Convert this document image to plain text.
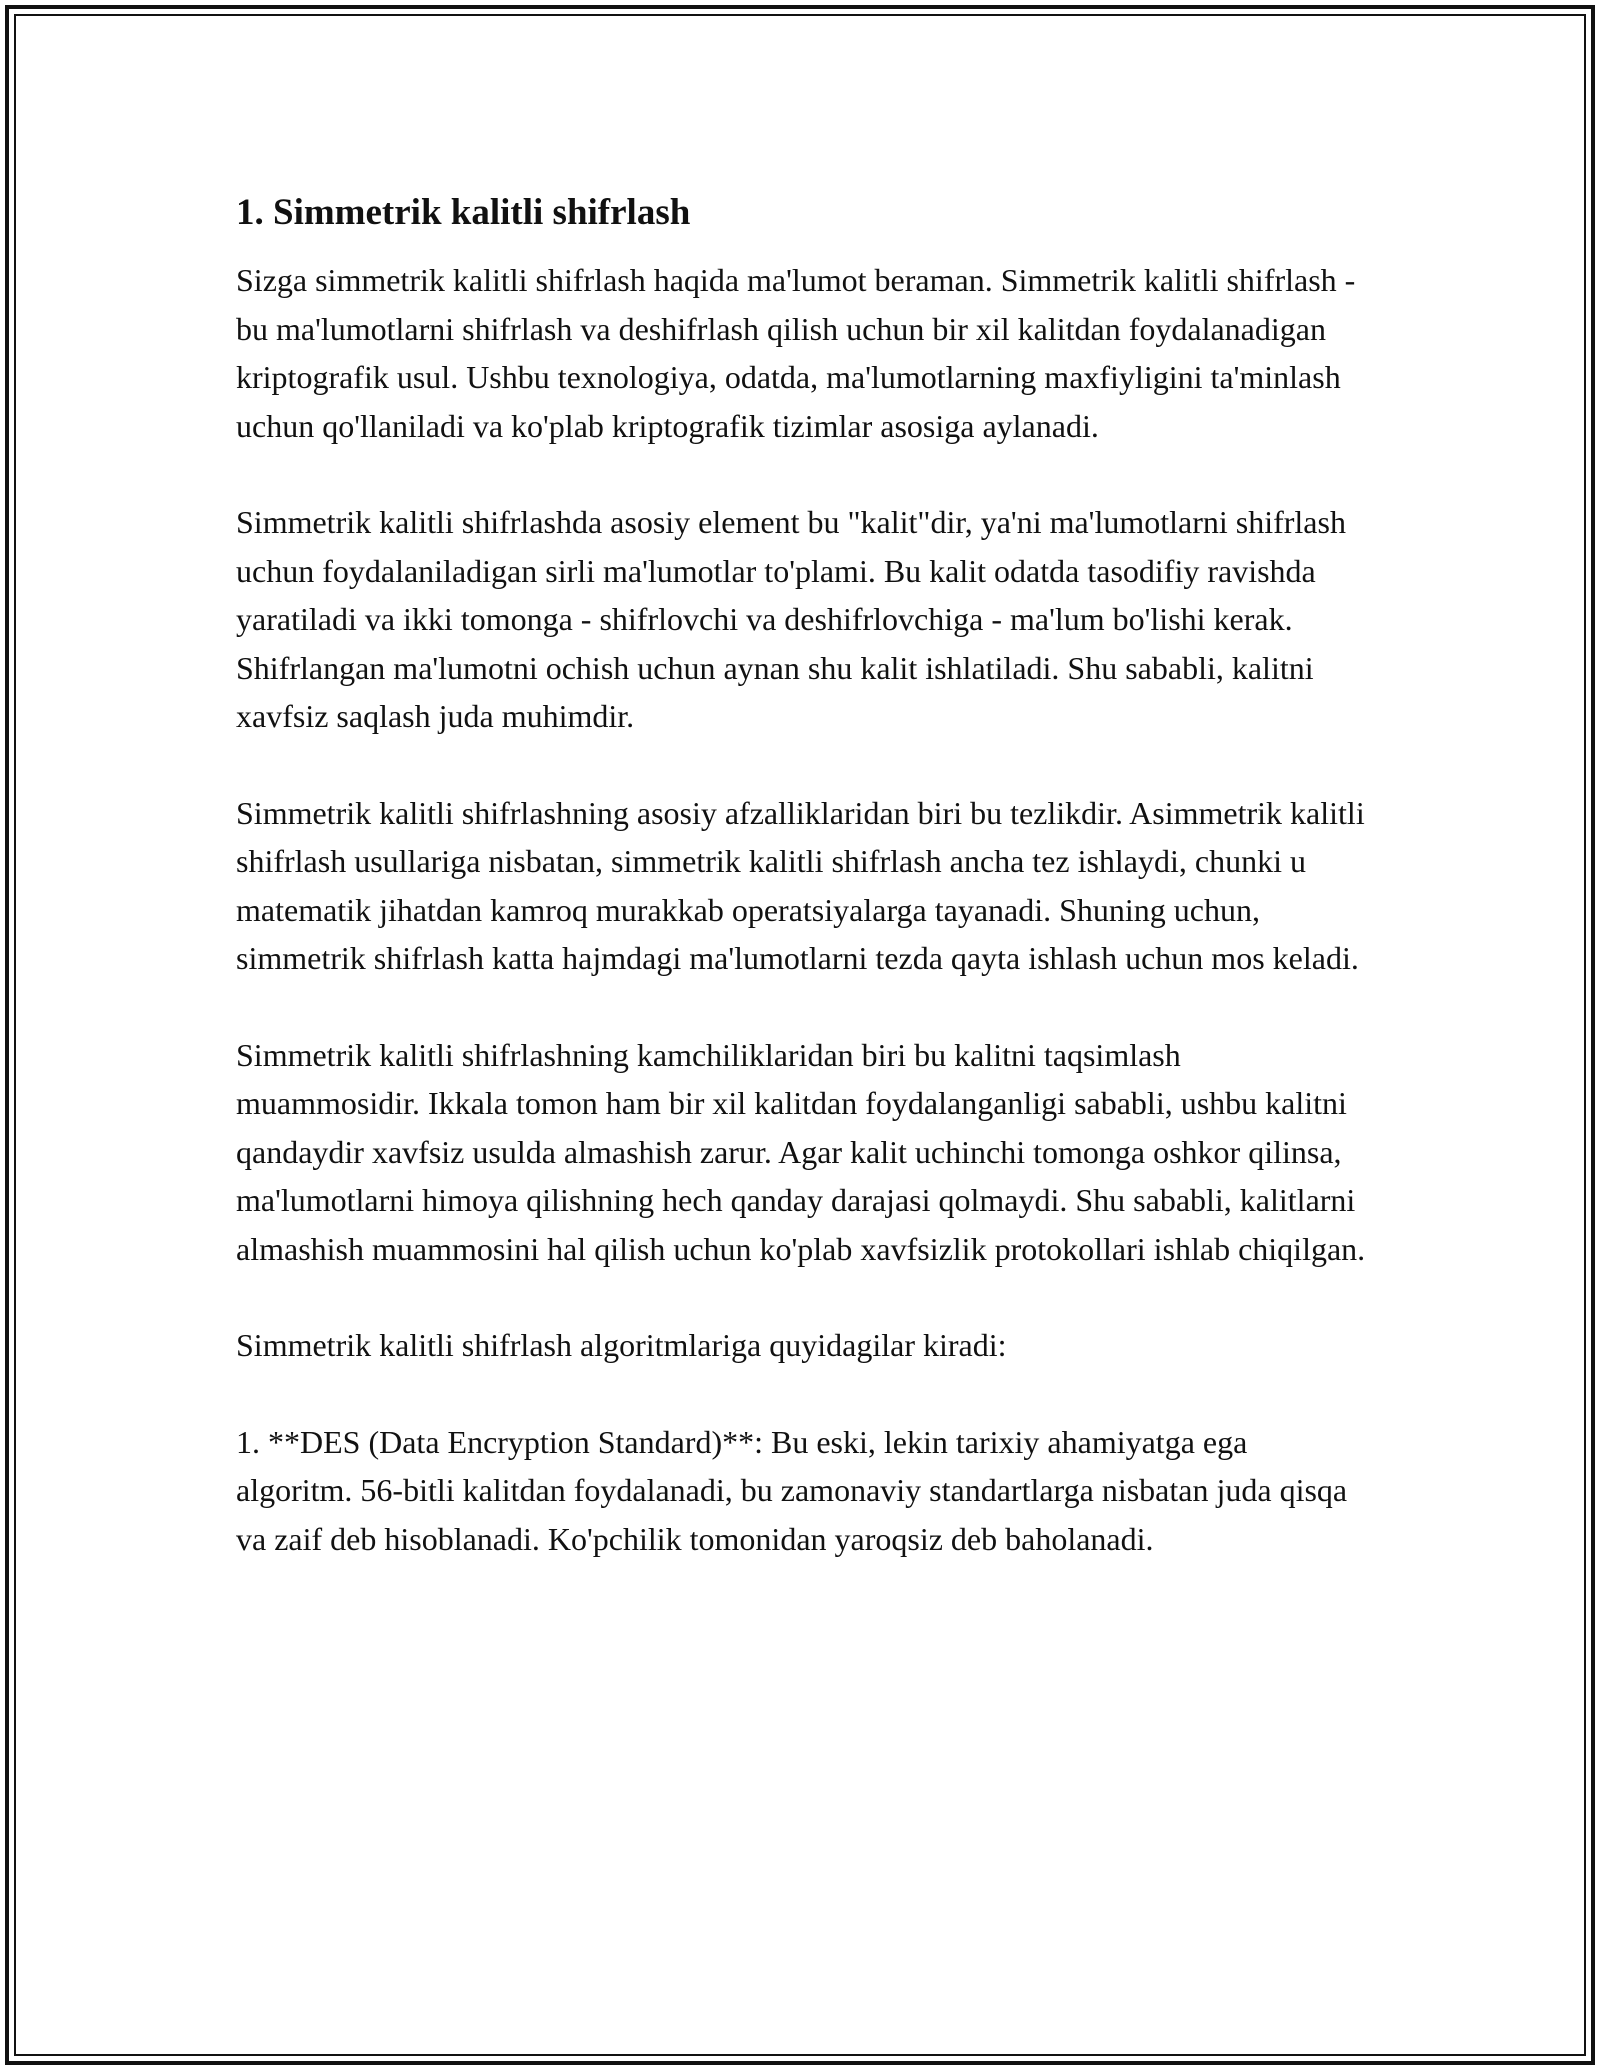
1. Simmetrik kalitli shifrlash

Sizga simmetrik kalitli shifrlash haqida ma'lumot beraman. Simmetrik kalitli shifrlash - bu ma'lumotlarni shifrlash va deshifrlash qilish uchun bir xil kalitdan foydalanadigan kriptografik usul. Ushbu texnologiya, odatda, ma'lumotlarning maxfiyligini ta'minlash uchun qo'llaniladi va ko'plab kriptografik tizimlar asosiga aylanadi.

Simmetrik kalitli shifrlashda asosiy element bu "kalit"dir, ya'ni ma'lumotlarni shifrlash uchun foydalaniladigan sirli ma'lumotlar to'plami. Bu kalit odatda tasodifiy ravishda yaratiladi va ikki tomonga - shifrlovchi va deshifrlovchiga - ma'lum bo'lishi kerak. Shifrlangan ma'lumotni ochish uchun aynan shu kalit ishlatiladi. Shu sababli, kalitni xavfsiz saqlash juda muhimdir.

Simmetrik kalitli shifrlashning asosiy afzalliklaridan biri bu tezlikdir. Asimmetrik kalitli shifrlash usullariga nisbatan, simmetrik kalitli shifrlash ancha tez ishlaydi, chunki u matematik jihatdan kamroq murakkab operatsiyalarga tayanadi. Shuning uchun, simmetrik shifrlash katta hajmdagi ma'lumotlarni tezda qayta ishlash uchun mos keladi.

Simmetrik kalitli shifrlashning kamchiliklaridan biri bu kalitni taqsimlash muammosidir. Ikkala tomon ham bir xil kalitdan foydalanganligi sababli, ushbu kalitni qandaydir xavfsiz usulda almashish zarur. Agar kalit uchinchi tomonga oshkor qilinsa, ma'lumotlarni himoya qilishning hech qanday darajasi qolmaydi. Shu sababli, kalitlarni almashish muammosini hal qilish uchun ko'plab xavfsizlik protokollari ishlab chiqilgan.

Simmetrik kalitli shifrlash algoritmlariga quyidagilar kiradi:

1. **DES (Data Encryption Standard)**: Bu eski, lekin tarixiy ahamiyatga ega algoritm. 56-bitli kalitdan foydalanadi, bu zamonaviy standartlarga nisbatan juda qisqa va zaif deb hisoblanadi. Ko'pchilik tomonidan yaroqsiz deb baholanadi.
